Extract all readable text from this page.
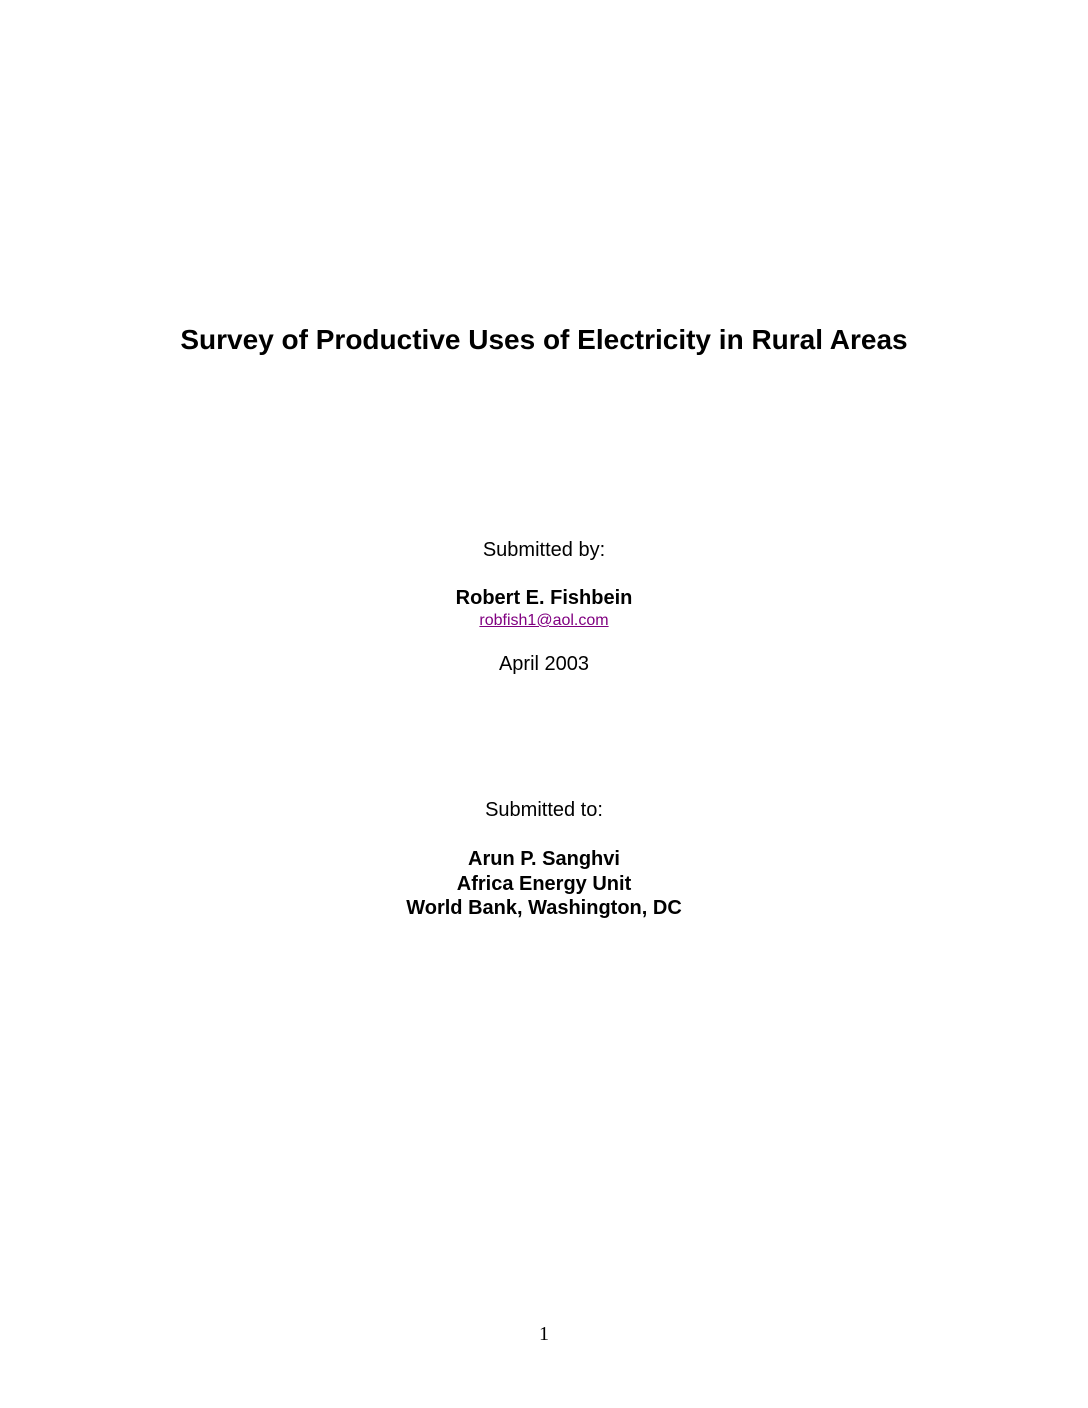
Survey of Productive Uses of Electricity in Rural Areas
Submitted by:
Robert E. Fishbein
robfish1@aol.com
April 2003
Submitted to:
Arun P. Sanghvi
Africa Energy Unit
World Bank, Washington, DC
1
